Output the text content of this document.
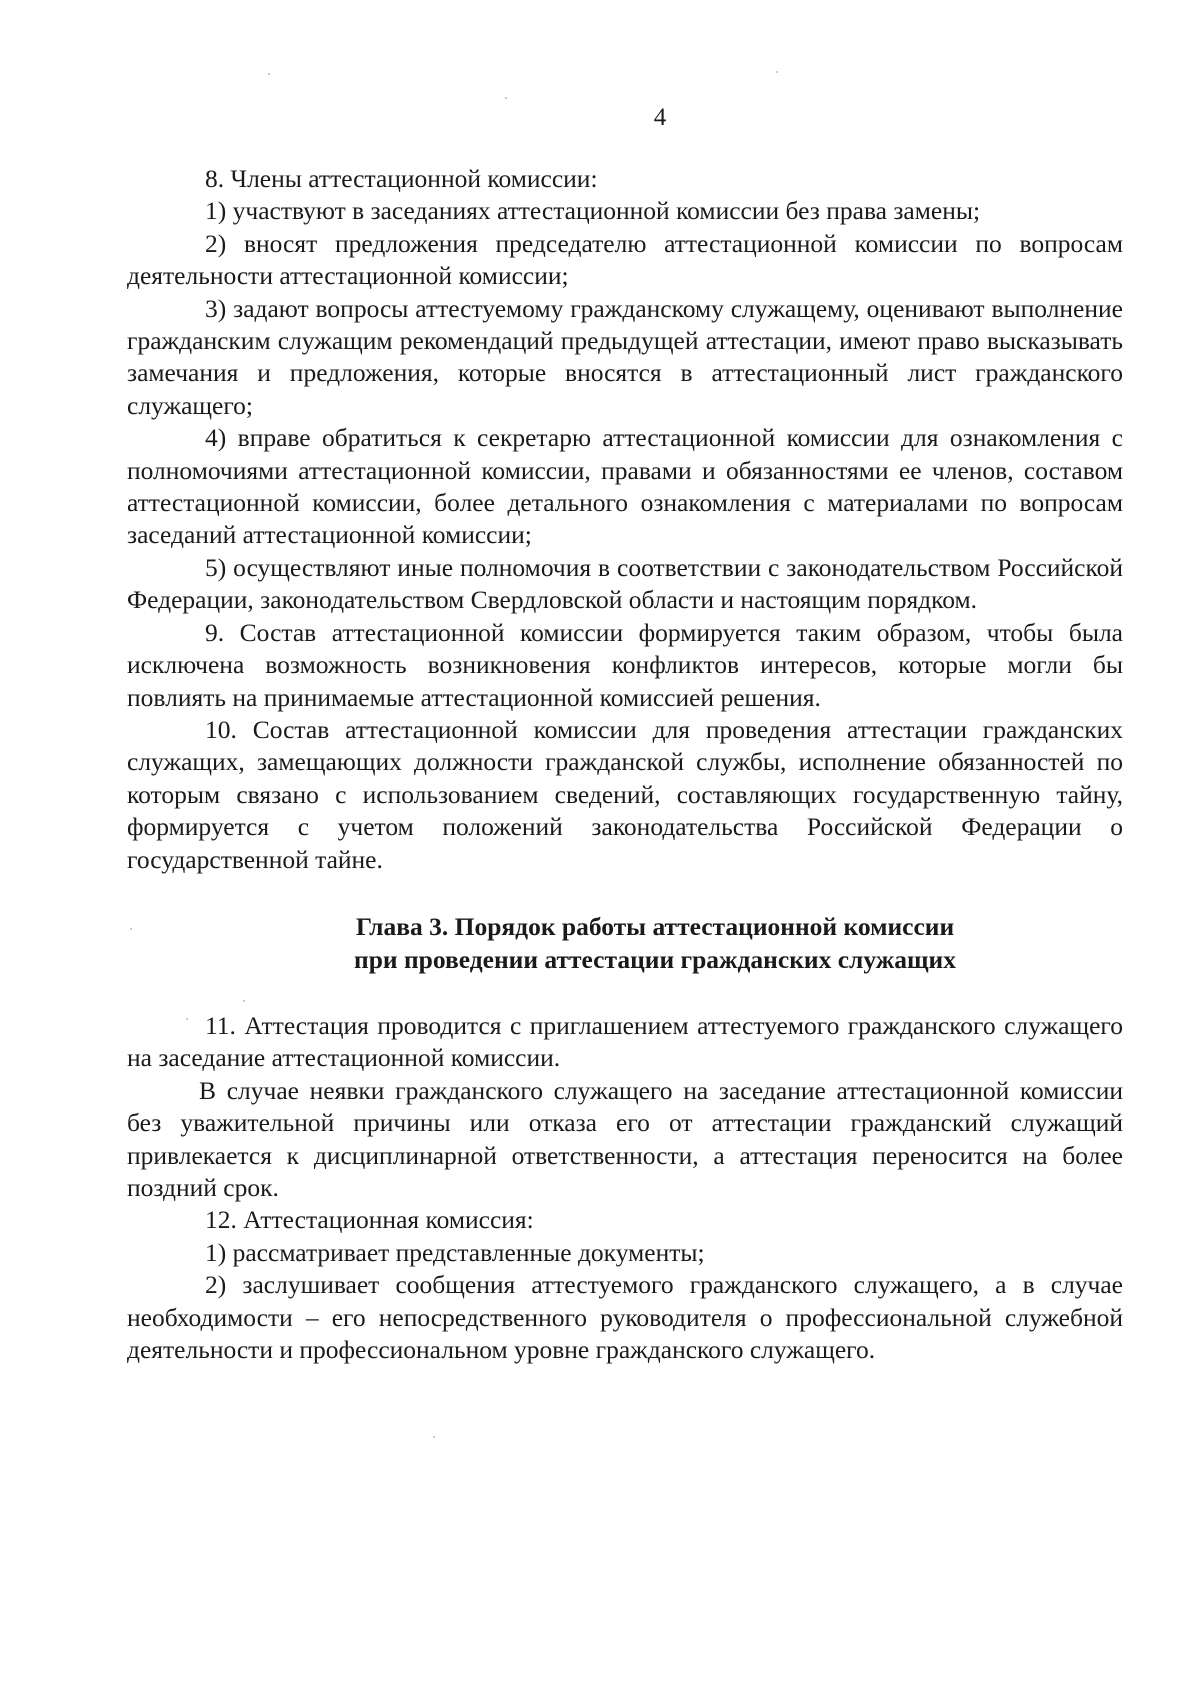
4

8. Члены аттестационной комиссии:

1) участвуют в заседаниях аттестационной комиссии без права замены;

2) вносят предложения председателю аттестационной комиссии по вопросам деятельности аттестационной комиссии;

3) задают вопросы аттестуемому гражданскому служащему, оценивают выполнение гражданским служащим рекомендаций предыдущей аттестации, имеют право высказывать замечания и предложения, которые вносятся в аттестационный лист гражданского служащего;

4) вправе обратиться к секретарю аттестационной комиссии для ознакомления с полномочиями аттестационной комиссии, правами и обязанностями ее членов, составом аттестационной комиссии, более детального ознакомления с материалами по вопросам заседаний аттестационной комиссии;

5) осуществляют иные полномочия в соответствии с законодательством Российской Федерации, законодательством Свердловской области и настоящим порядком.

9. Состав аттестационной комиссии формируется таким образом, чтобы была исключена возможность возникновения конфликтов интересов, которые могли бы повлиять на принимаемые аттестационной комиссией решения.

10. Состав аттестационной комиссии для проведения аттестации гражданских служащих, замещающих должности гражданской службы, исполнение обязанностей по которым связано с использованием сведений, составляющих государственную тайну, формируется с учетом положений законодательства Российской Федерации о государственной тайне.

Глава 3. Порядок работы аттестационной комиссии
при проведении аттестации гражданских служащих

11. Аттестация проводится с приглашением аттестуемого гражданского служащего на заседание аттестационной комиссии.

В случае неявки гражданского служащего на заседание аттестационной комиссии без уважительной причины или отказа его от аттестации гражданский служащий привлекается к дисциплинарной ответственности, а аттестация переносится на более поздний срок.

12. Аттестационная комиссия:

1) рассматривает представленные документы;

2) заслушивает сообщения аттестуемого гражданского служащего, а в случае необходимости – его непосредственного руководителя о профессиональной служебной деятельности и профессиональном уровне гражданского служащего.
